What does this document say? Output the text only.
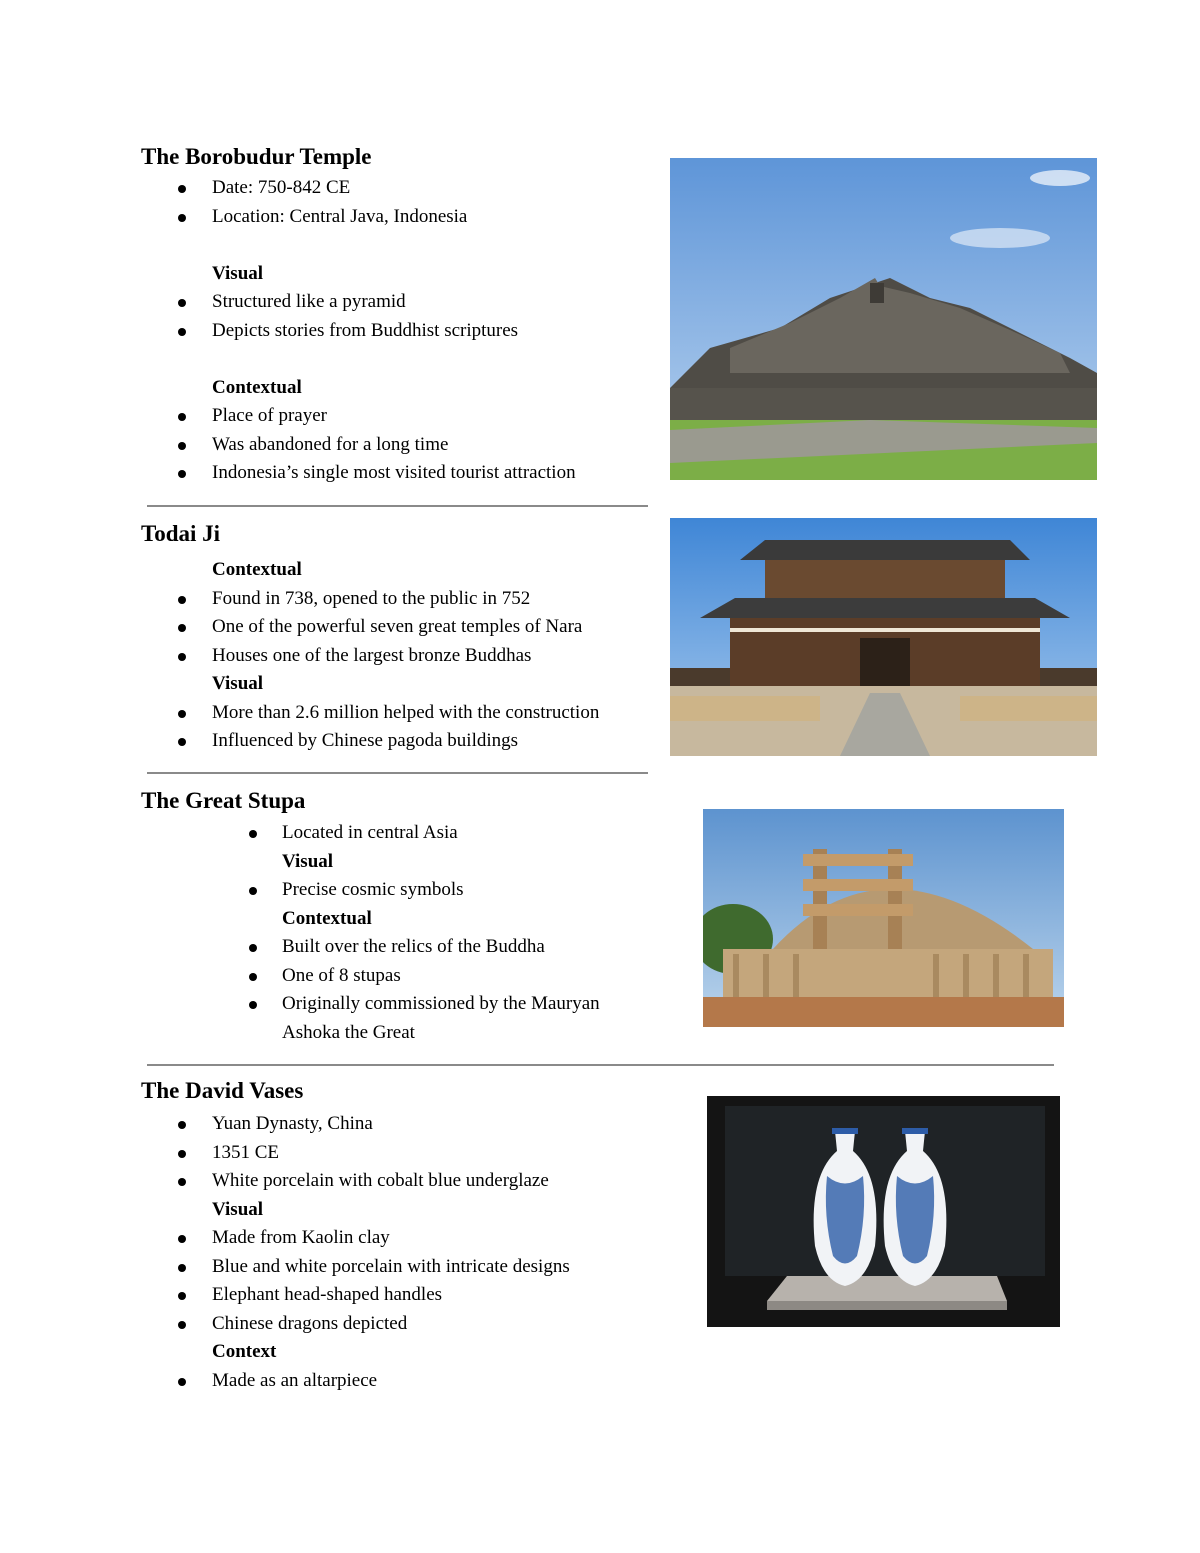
The Borobudur Temple
Date: 750-842 CE
Location: Central Java, Indonesia
Visual
Structured like a pyramid
Depicts stories from Buddhist scriptures
Contextual
Place of prayer
Was abandoned for a long time
Indonesia’s single most visited tourist attraction
Todai Ji
Contextual
Found in 738, opened to the public in 752
One of the powerful seven great temples of Nara
Houses one of the largest bronze Buddhas
Visual
More than 2.6 million helped with the construction
Influenced by Chinese pagoda buildings
The Great Stupa
Located in central Asia
Visual
Precise cosmic symbols
Contextual
Built over the relics of the Buddha
One of 8 stupas
Originally commissioned by the Mauryan
Ashoka the Great
The David Vases
Yuan Dynasty, China
1351 CE
White porcelain with cobalt blue underglaze
Visual
Made from Kaolin clay
Blue and white porcelain with intricate designs
Elephant head-shaped handles
Chinese dragons depicted
Context
Made as an altarpiece
